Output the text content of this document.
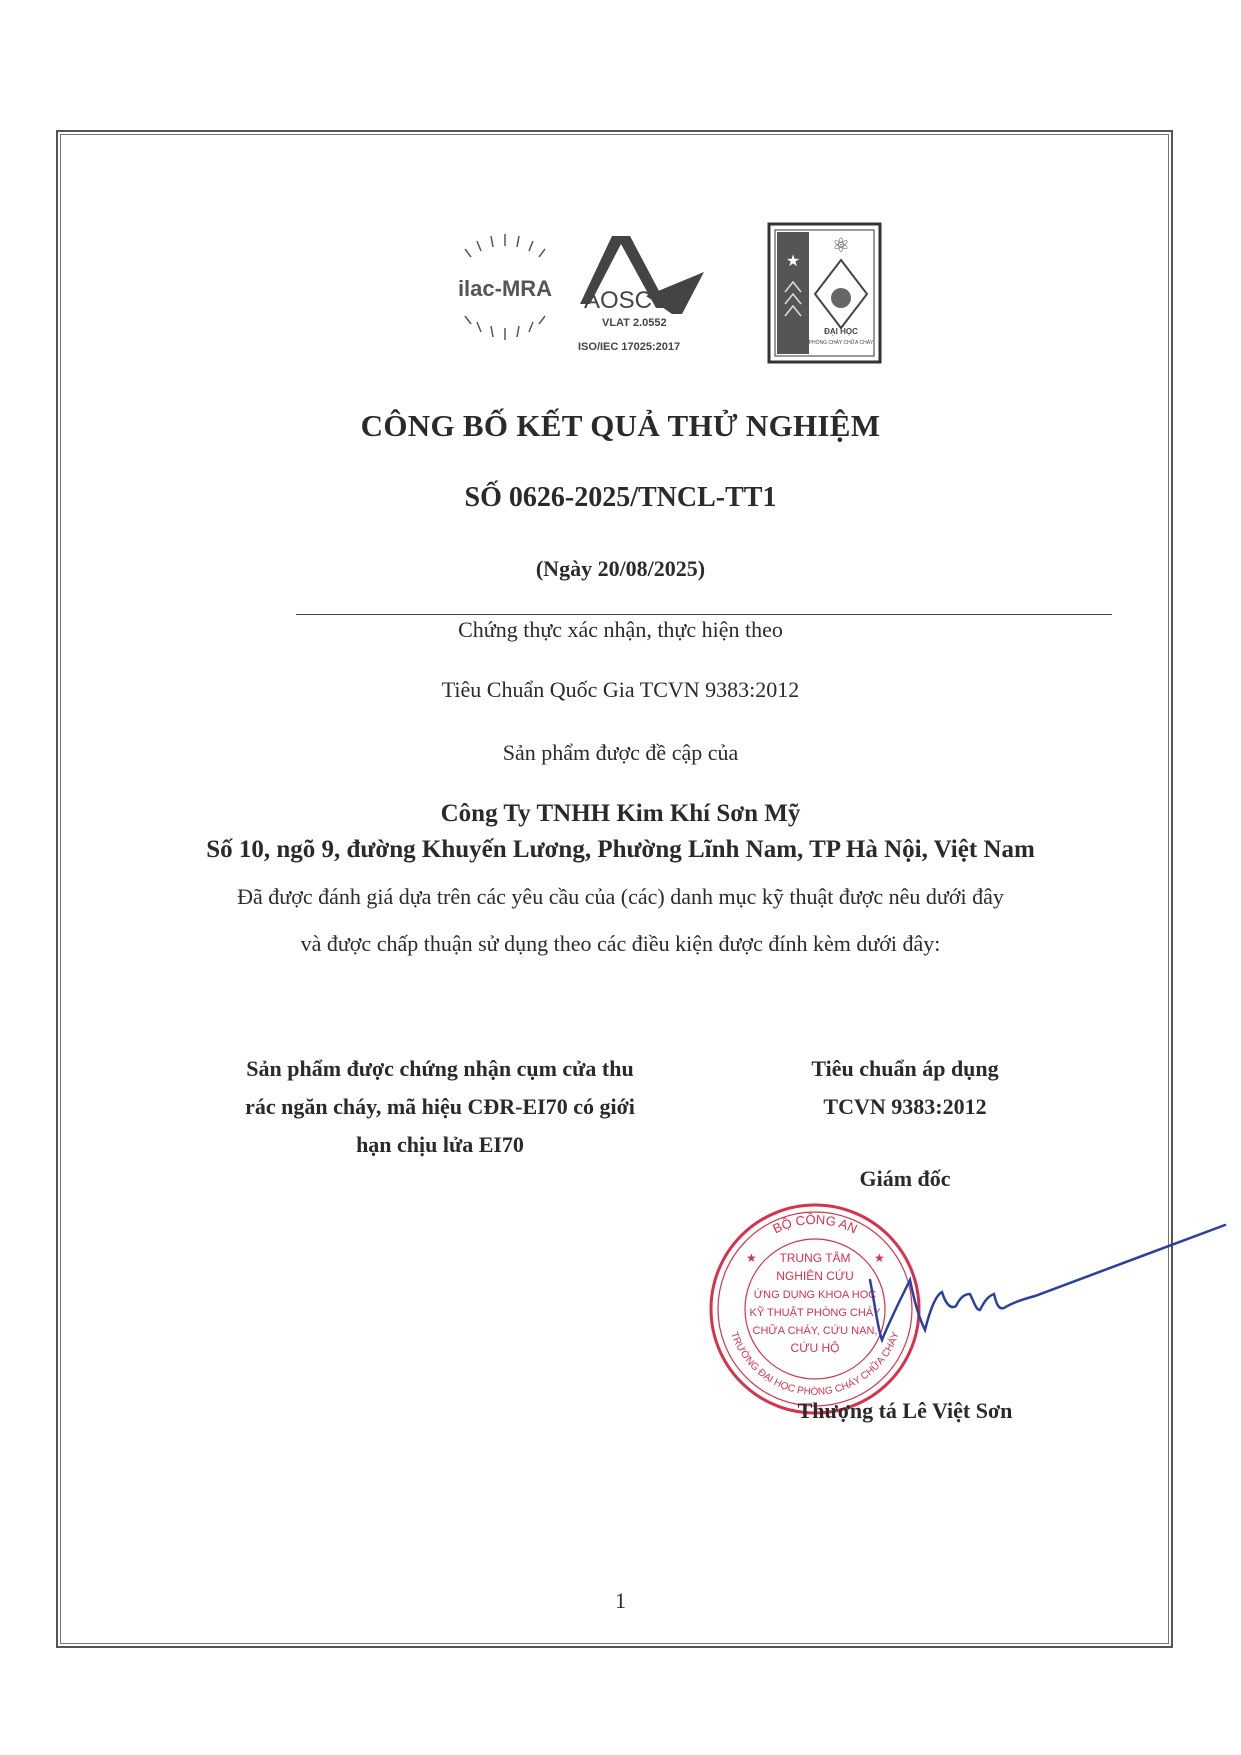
ilac-MRA AOSC
VLAT 2.0552
ISO/IEC 17025:2017
★
⚛
ĐẠI HỌC
PHÒNG CHÁY CHỮA CHÁY
CÔNG BỐ KẾT QUẢ THỬ NGHIỆM
SỐ 0626-2025/TNCL-TT1
(Ngày 20/08/2025)
Chứng thực xác nhận, thực hiện theo
Tiêu Chuẩn Quốc Gia TCVN 9383:2012
Sản phẩm được đề cập của
Công Ty TNHH Kim Khí Sơn Mỹ
Số 10, ngõ 9, đường Khuyến Lương, Phường Lĩnh Nam, TP Hà Nội, Việt Nam
Đã được đánh giá dựa trên các yêu cầu của (các) danh mục kỹ thuật được nêu dưới đây
và được chấp thuận sử dụng theo các điều kiện được đính kèm dưới đây:
Sản phẩm được chứng nhận cụm cửa thu
rác ngăn cháy, mã hiệu CĐR-EI70 có giới
hạn chịu lửa EI70
Tiêu chuẩn áp dụng
TCVN 9383:2012
Giám đốc
BỘ CÔNG AN
TRƯỜNG ĐẠI HỌC PHÒNG CHÁY CHỮA CHÁY
★	★
TRUNG TÂM
NGHIÊN CỨU
ỨNG DỤNG KHOA HỌC
KỸ THUẬT PHÒNG CHÁY
CHỮA CHÁY, CỨU NẠN,
CỨU HỘ
Thượng tá Lê Việt Sơn
1
